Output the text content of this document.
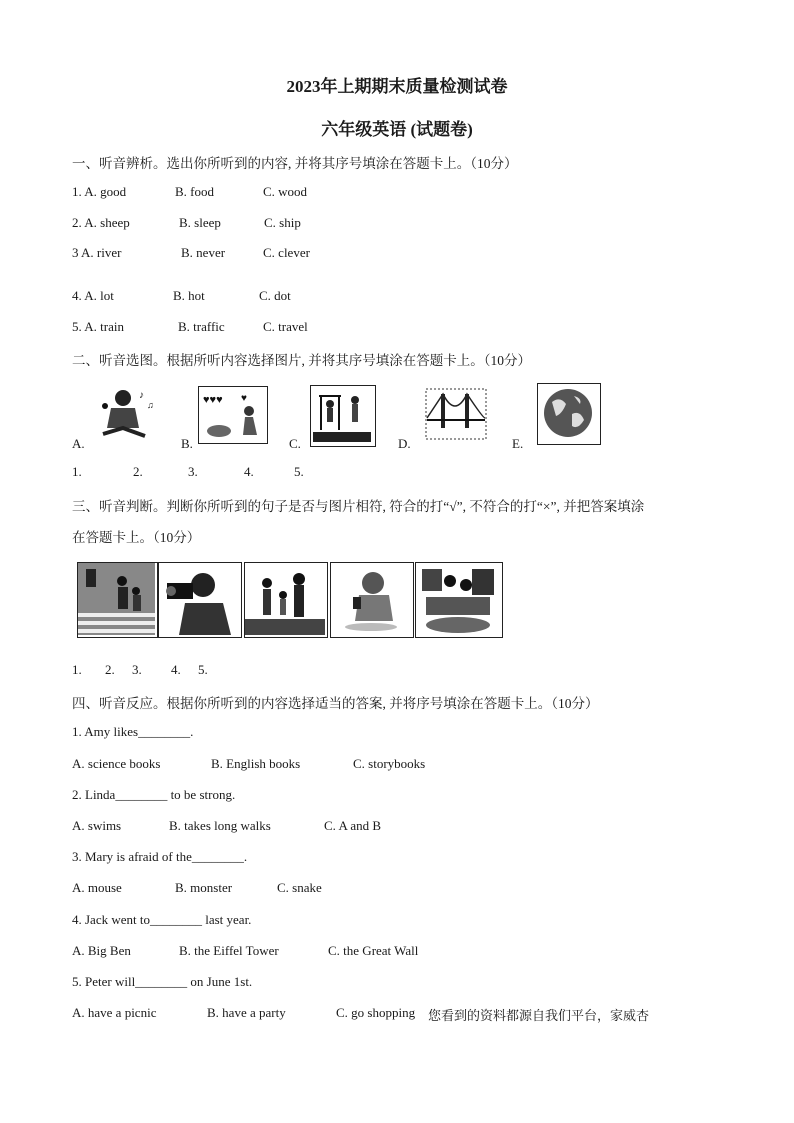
2023年上期期末质量检测试卷
六年级英语 (试题卷)
一、听音辨析。选出你所听到的内容, 并将其序号填涂在答题卡上。（10分）
1. A. good	B. food	C. wood
2. A. sheep	B. sleep	C. ship
3 A. river	B. never	C. clever
4. A. lot	B. hot	C. dot
5. A. train	B. traffic	C. travel
二、听音选图。根据所听内容选择图片, 并将其序号填涂在答题卡上。（10分）
A.
♪
♫
B.
♥♥♥ ♥
C.	D.	E.
1.	2.	3.	4.	5.
三、听音判断。判断你所听到的句子是否与图片相符, 符合的打“√”, 不符合的打“×”, 并把答案填涂
在答题卡上。（10分）
1. 2. 3. 4. 5.
四、听音反应。根据你所听到的内容选择适当的答案, 并将序号填涂在答题卡上。（10分）
1. Amy likes________.
A. science books	B. English books	C. storybooks
2. Linda________ to be strong.
A. swims	B. takes long walks	C. A and B
3. Mary is afraid of the________.
A. mouse	B. monster	C. snake
4. Jack went to________ last year.
A. Big Ben	B. the Eiffel Tower	C. the Great Wall
5. Peter will________ on June 1st.
A. have a picnic	B. have a party	C. go shopping 您看到的资料都源自我们平台，家威杏
